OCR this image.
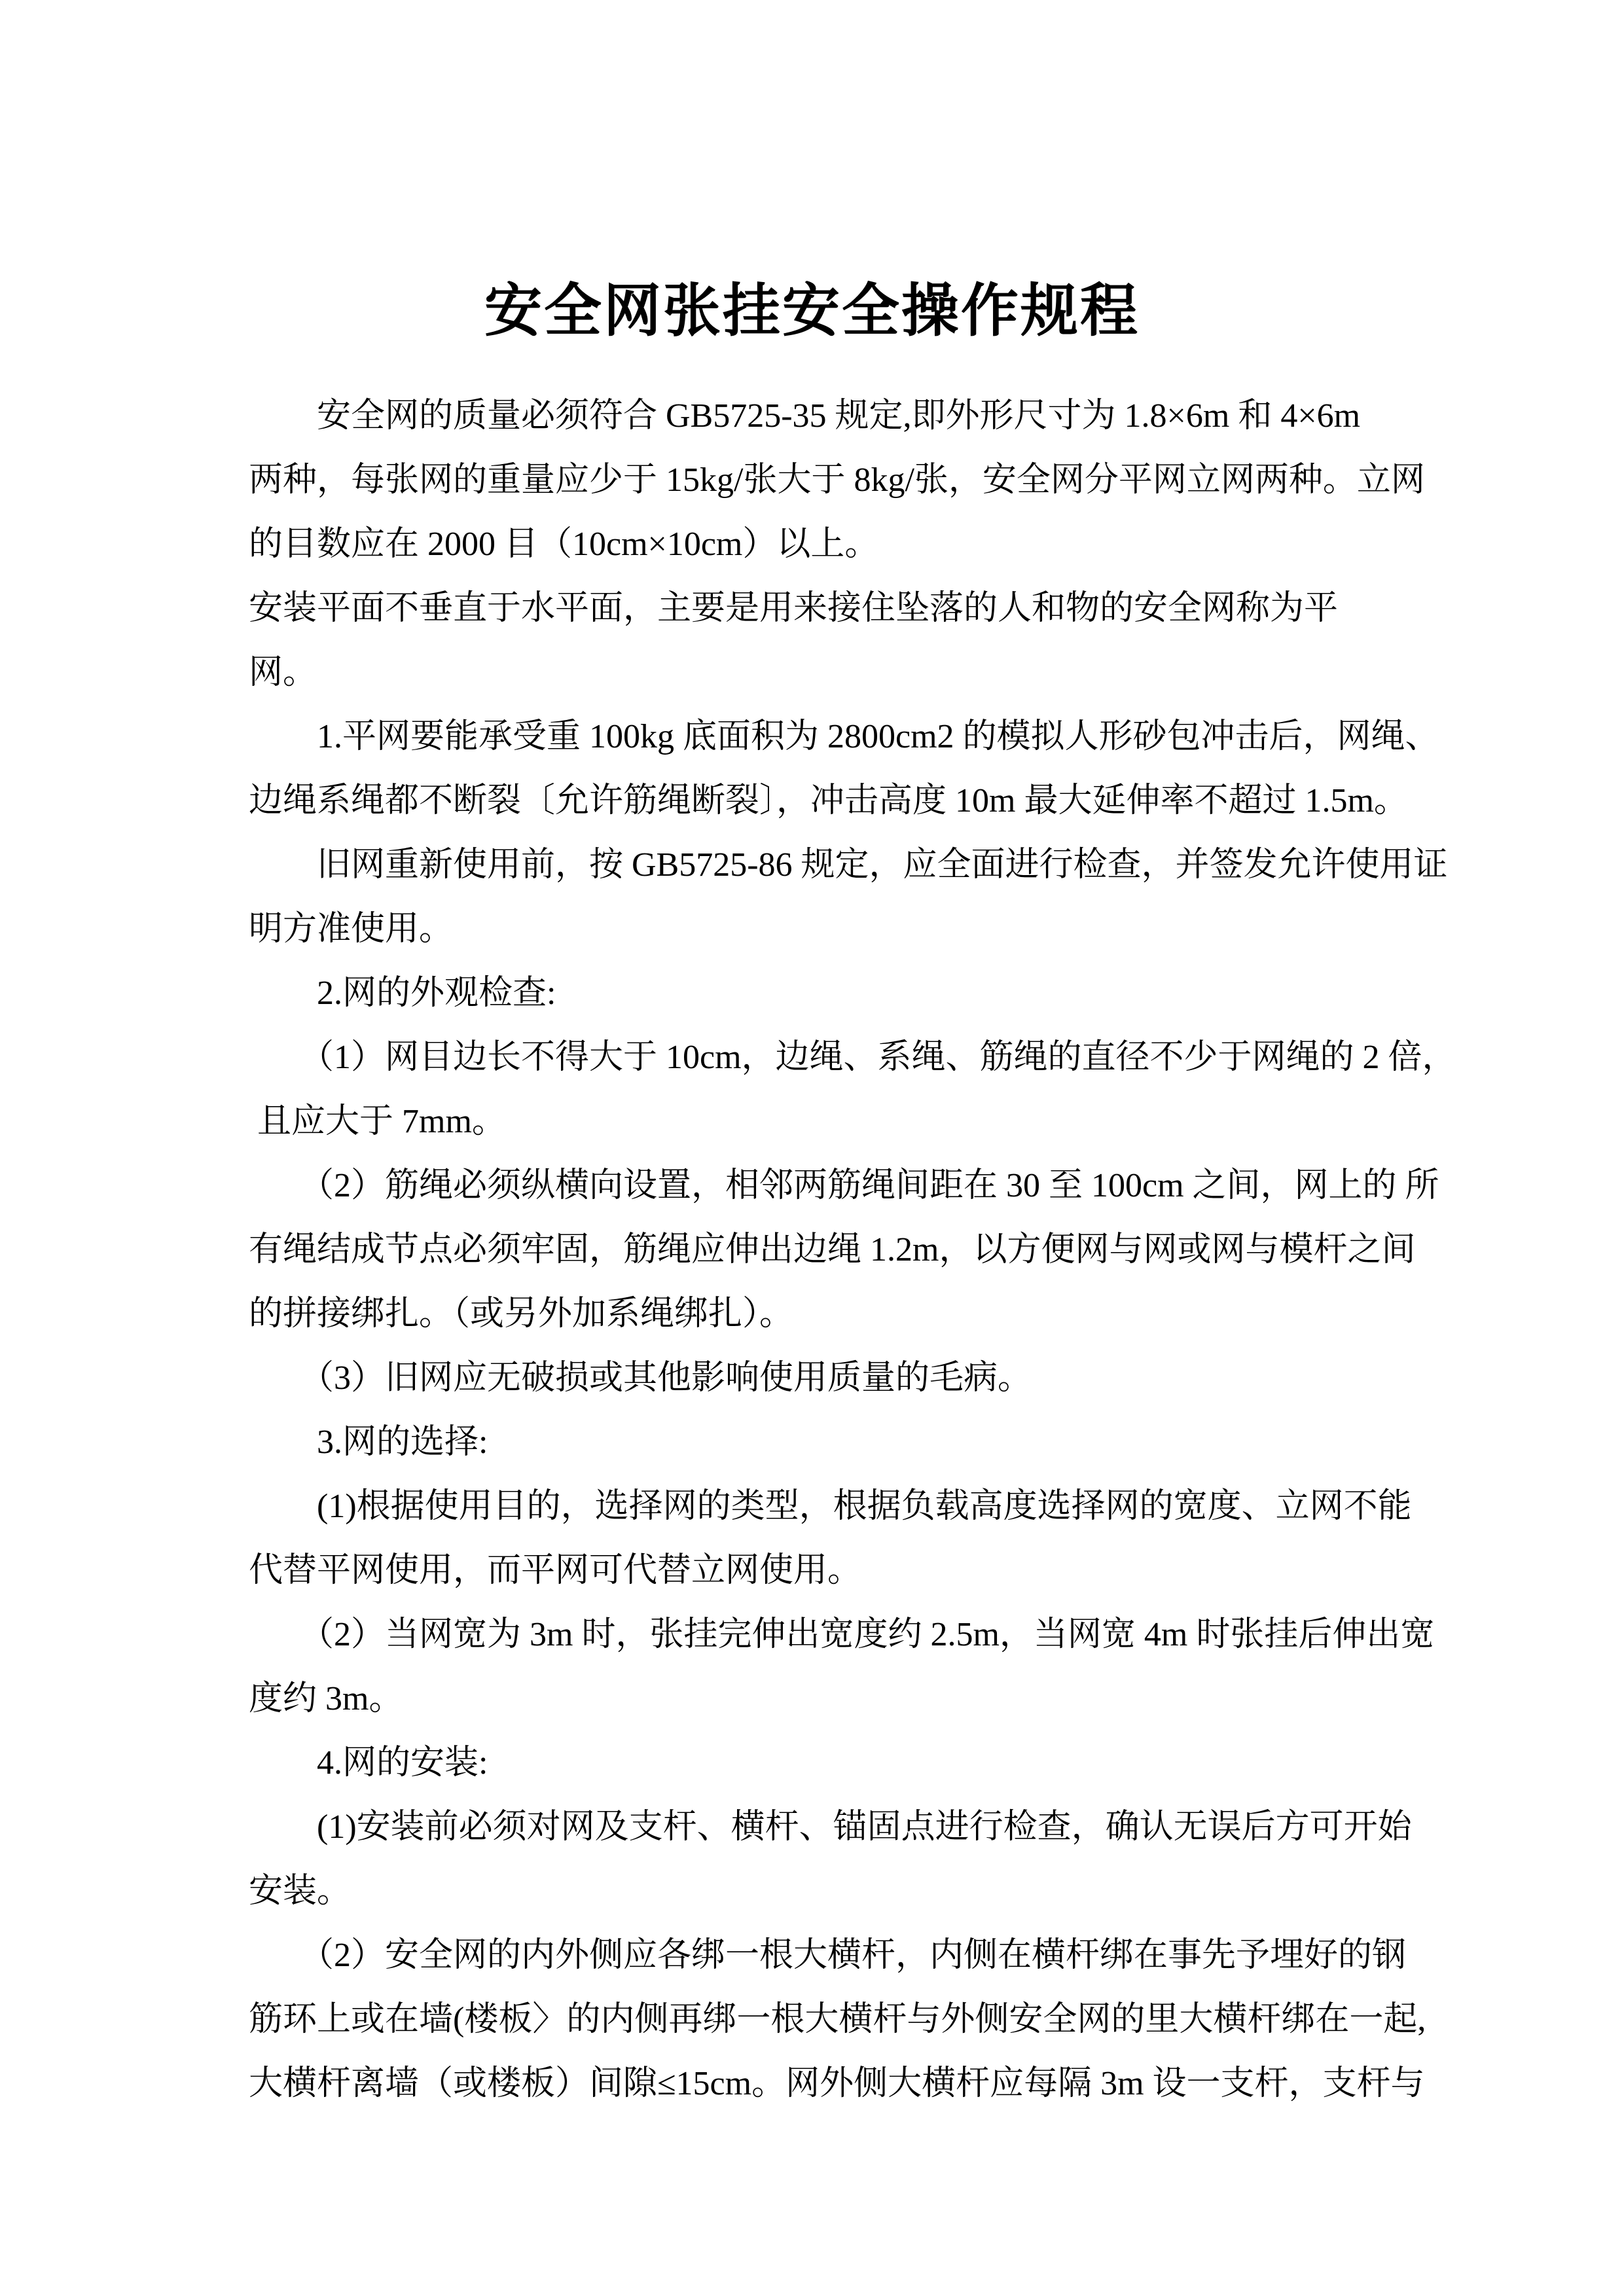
安全网张挂安全操作规程
　　安全网的质量必须符合 GB5725-35 规定,即外形尺寸为 1.8×6m 和 4×6m
两种，每张网的重量应少于 15kg/张大于 8kg/张，安全网分平网立网两种。立网
的目数应在 2000 目（10cm×10cm）以上。
安装平面不垂直于水平面，主要是用来接住坠落的人和物的安全网称为平
网。
　　1.平网要能承受重 100kg 底面积为 2800cm2 的模拟人形砂包冲击后，网绳、
边绳系绳都不断裂〔允许筋绳断裂〕，冲击高度 10m 最大延伸率不超过 1.5m。
　　旧网重新使用前，按 GB5725-86 规定，应全面进行检查，并签发允许使用证
明方准使用。
　　2.网的外观检查:
　　（1）网目边长不得大于 10cm，边绳、系绳、筋绳的直径不少于网绳的 2 倍，
且应大于 7mm。
　　（2）筋绳必须纵横向设置，相邻两筋绳间距在 30 至 100cm 之间，网上的 所
有绳结成节点必须牢固，筋绳应伸出边绳 1.2m，以方便网与网或网与模杆之间
的拼接绑扎。（或另外加系绳绑扎）。
　　（3）旧网应无破损或其他影响使用质量的毛病。
　　3.网的选择:
　　(1)根据使用目的，选择网的类型，根据负载高度选择网的宽度、立网不能
代替平网使用，而平网可代替立网使用。
　　（2）当网宽为 3m 时，张挂完伸出宽度约 2.5m，当网宽 4m 时张挂后伸出宽
度约 3m。
　　4.网的安装:
　　(1)安装前必须对网及支杆、横杆、锚固点进行检查，确认无误后方可开始
安装。
　　（2）安全网的内外侧应各绑一根大横杆，内侧在横杆绑在事先予埋好的钢
筋环上或在墙(楼板〉的内侧再绑一根大横杆与外侧安全网的里大横杆绑在一起,
大横杆离墙（或楼板）间隙≤15cm。网外侧大横杆应每隔 3m 设一支杆，支杆与
